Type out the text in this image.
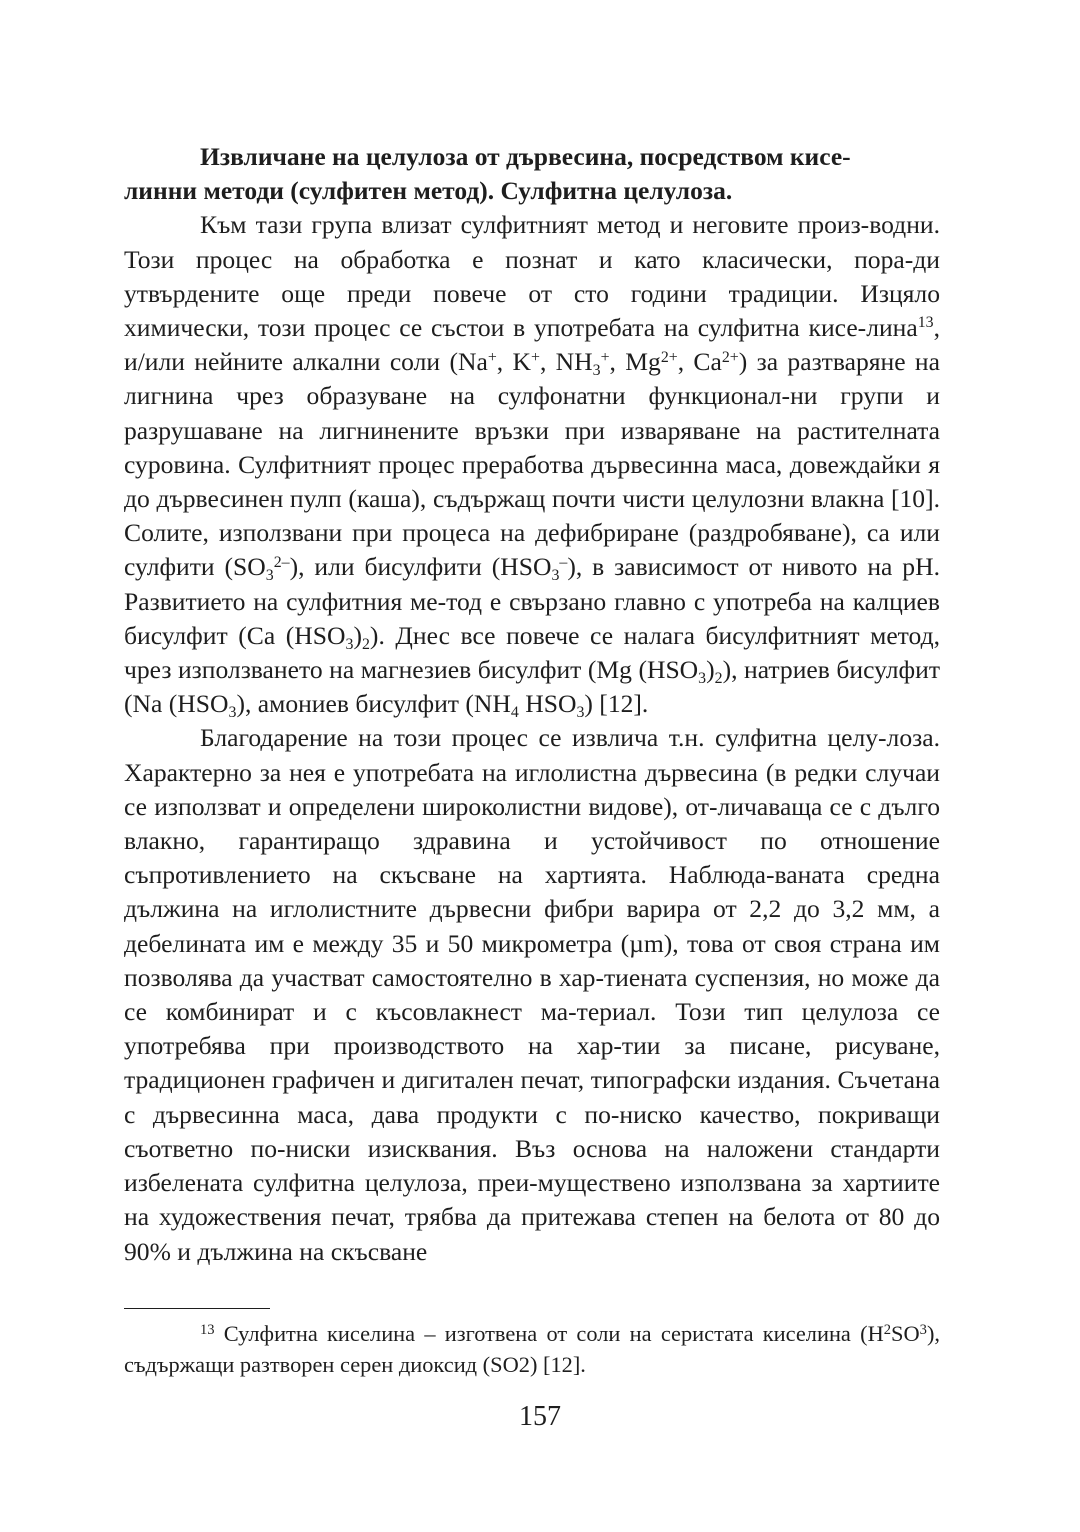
Извличане на целулоза от дървесина, посредством кисе-
линни методи (сулфитен метод). Сулфитна целулоза.

Към тази група влизат сулфитният метод и неговите произ-водни. Този процес на обработка е познат и като класически, пора-ди утвърдените още преди повече от сто години традиции. Изцяло химически, този процес се състои в употребата на сулфитна кисе-лина$^{13}$, и/или нейните алкални соли (Na+, K+, $NH_3^+$, $Mg^{2+}$, $Ca^{2+}$) за разтваряне на лигнина чрез образуване на сулфонатни функционал-ни групи и разрушаване на лигнинените връзки при изваряване на растителната суровина. Сулфитният процес преработва дървесинна маса, довеждайки я до дървесинен пулп (каша), съдържащ почти чисти целулозни влакна [10]. Солите, използвани при процеса на дефибриране (раздробяване), са или сулфити $(SO_3^{2-})$, или бисулфити $(HSO_3^-)$, в зависимост от нивото на pH. Развитието на сулфитния ме-тод е свързано главно с употреба на калциев бисулфит (Ca $(HSO_3)_2$). Днес все повече се налага бисулфитният метод, чрез използването на магнезиев бисулфит (Mg $(HSO_3)_2$), натриев бисулфит (Na $(HSO_3)$, амониев бисулфит ($NH_4$ $HSO_3$) [12].

Благодарение на този процес се извлича т.н. сулфитна целу-лоза. Характерно за нея е употребата на иглолистна дървесина (в редки случаи се използват и определени широколистни видове), от-личаваща се с дълго влакно, гарантиращо здравина и устойчивост по отношение съпротивлението на скъсване на хартията. Наблюда-ваната средна дължина на иглолистните дървесни фибри варира от 2,2 до 3,2 мм, а дебелината им е между 35 и 50 микрометра (µm), това от своя страна им позволява да участват самостоятелно в хар-тиената суспензия, но може да се комбинират и с късовлакнест ма-териал. Този тип целулоза се употребява при производството на хар-тии за писане, рисуване, традиционен графичен и дигитален печат, типографски издания. Съчетана с дървесинна маса, дава продукти с по-ниско качество, покриващи съответно по-ниски изисквания. Въз основа на наложени стандарти избелената сулфитна целулоза, преи-муществено използвана за хартиите на художествения печат, трябва да притежава степен на белота от 80 до 90% и дължина на скъсване

$^{13}$ Сулфитна киселина – изготвена от соли на серистата киселина $(H^2SO^3)$, съдържащи разтворен серен диоксид (SO2) [12].

157
